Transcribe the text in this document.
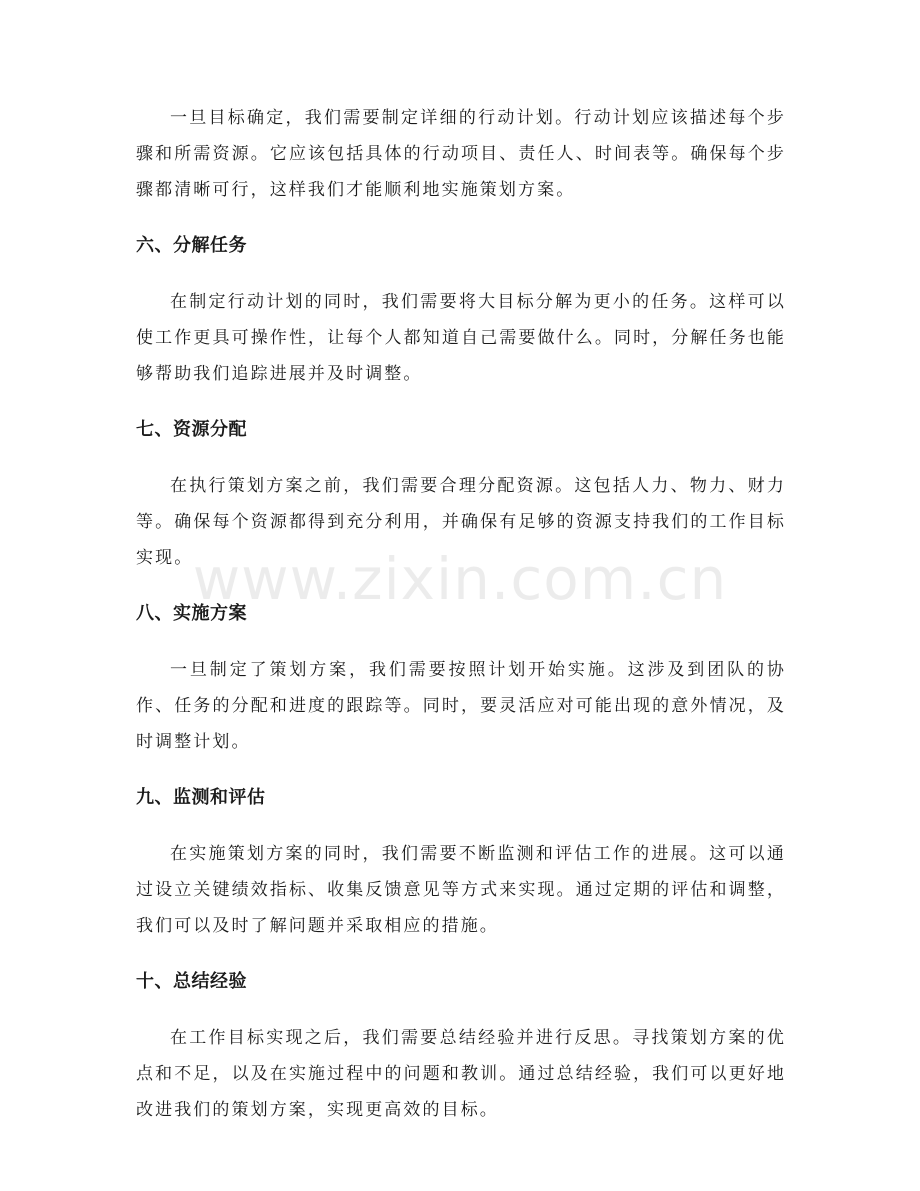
一旦目标确定，我们需要制定详细的行动计划。行动计划应该描述每个步骤和所需资源。它应该包括具体的行动项目、责任人、时间表等。确保每个步骤都清晰可行，这样我们才能顺利地实施策划方案。

六、分解任务

在制定行动计划的同时，我们需要将大目标分解为更小的任务。这样可以使工作更具可操作性，让每个人都知道自己需要做什么。同时，分解任务也能够帮助我们追踪进展并及时调整。

七、资源分配

在执行策划方案之前，我们需要合理分配资源。这包括人力、物力、财力等。确保每个资源都得到充分利用，并确保有足够的资源支持我们的工作目标实现。

八、实施方案

一旦制定了策划方案，我们需要按照计划开始实施。这涉及到团队的协作、任务的分配和进度的跟踪等。同时，要灵活应对可能出现的意外情况，及时调整计划。

九、监测和评估

在实施策划方案的同时，我们需要不断监测和评估工作的进展。这可以通过设立关键绩效指标、收集反馈意见等方式来实现。通过定期的评估和调整，我们可以及时了解问题并采取相应的措施。

十、总结经验

在工作目标实现之后，我们需要总结经验并进行反思。寻找策划方案的优点和不足，以及在实施过程中的问题和教训。通过总结经验，我们可以更好地改进我们的策划方案，实现更高效的目标。

www.zixin.com.cn
